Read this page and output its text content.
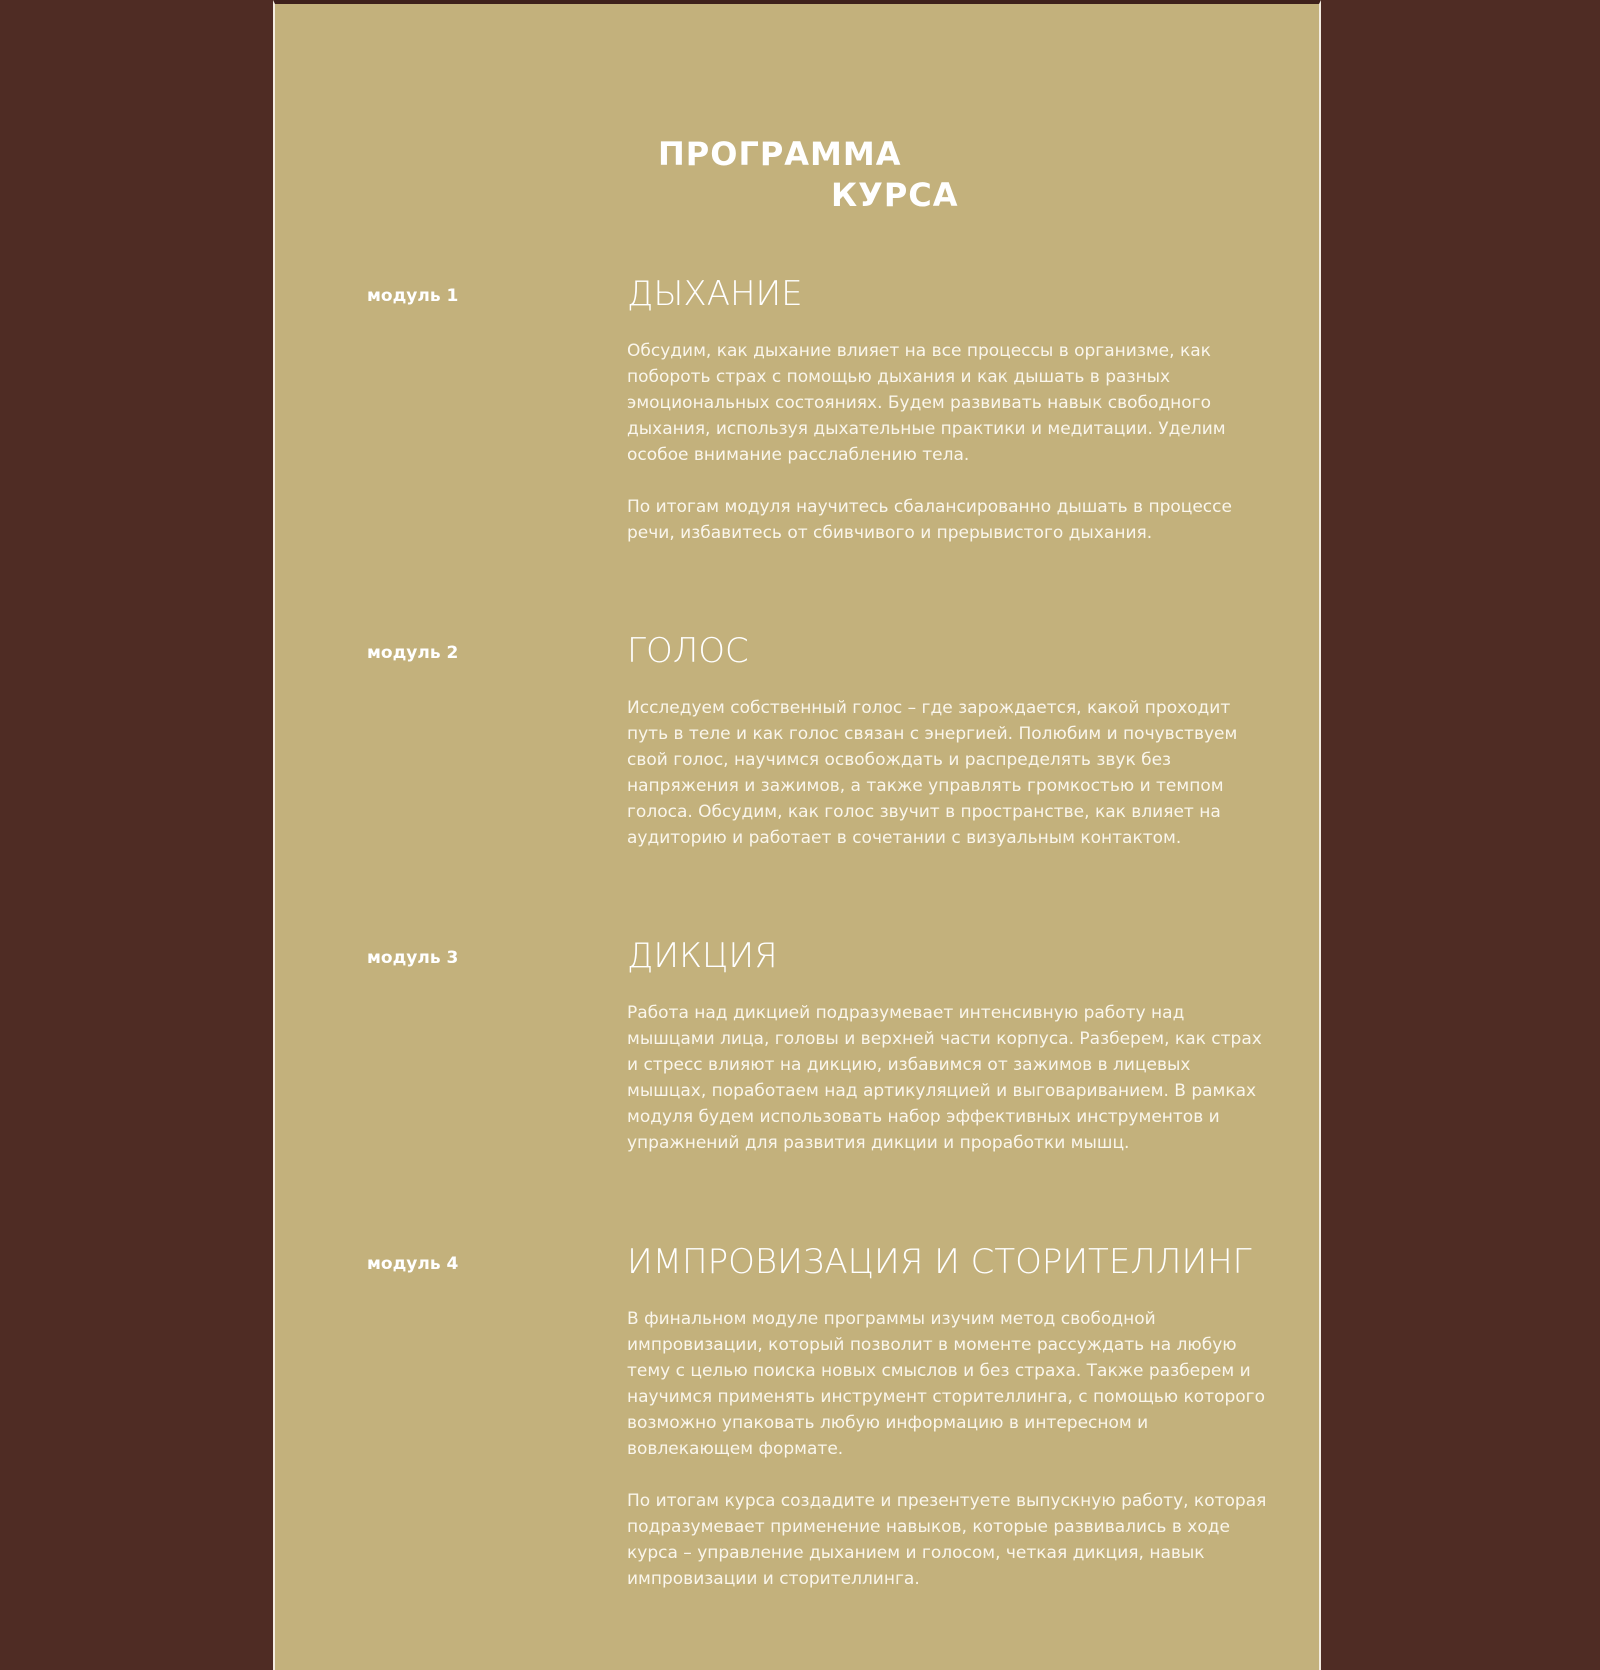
ПРОГРАММА
КУРСА
модуль 1	ДЫХАНИЕ

Обсудим, как дыхание влияет на все процессы в организме, как побороть страх с помощью дыхания и как дышать в разных эмоциональных состояниях. Будем развивать навык свободного дыхания, используя дыхательные практики и медитации. Уделим особое внимание расслаблению тела.

По итогам модуля научитесь сбалансированно дышать в процессе речи, избавитесь от сбивчивого и прерывистого дыхания.

модуль 2	ГОЛОС

Исследуем собственный голос – где зарождается, какой проходит путь в теле и как голос связан с энергией. Полюбим и почувствуем свой голос, научимся освобождать и распределять звук без напряжения и зажимов, а также управлять громкостью и темпом голоса. Обсудим, как голос звучит в пространстве, как влияет на аудиторию и работает в сочетании с визуальным контактом.

модуль 3	ДИКЦИЯ

Работа над дикцией подразумевает интенсивную работу над мышцами лица, головы и верхней части корпуса. Разберем, как страх и стресс влияют на дикцию, избавимся от зажимов в лицевых мышцах, поработаем над артикуляцией и выговариванием. В рамках модуля будем использовать набор эффективных инструментов и упражнений для развития дикции и проработки мышц.

модуль 4	ИМПРОВИЗАЦИЯ И СТОРИТЕЛЛИНГ

В финальном модуле программы изучим метод свободной импровизации, который позволит в моменте рассуждать на любую тему с целью поиска новых смыслов и без страха. Также разберем и научимся применять инструмент сторителлинга, с помощью которого возможно упаковать любую информацию в интересном и вовлекающем формате.

По итогам курса создадите и презентуете выпускную работу, которая подразумевает применение навыков, которые развивались в ходе курса – управление дыханием и голосом, четкая дикция, навык импровизации и сторителлинга.
